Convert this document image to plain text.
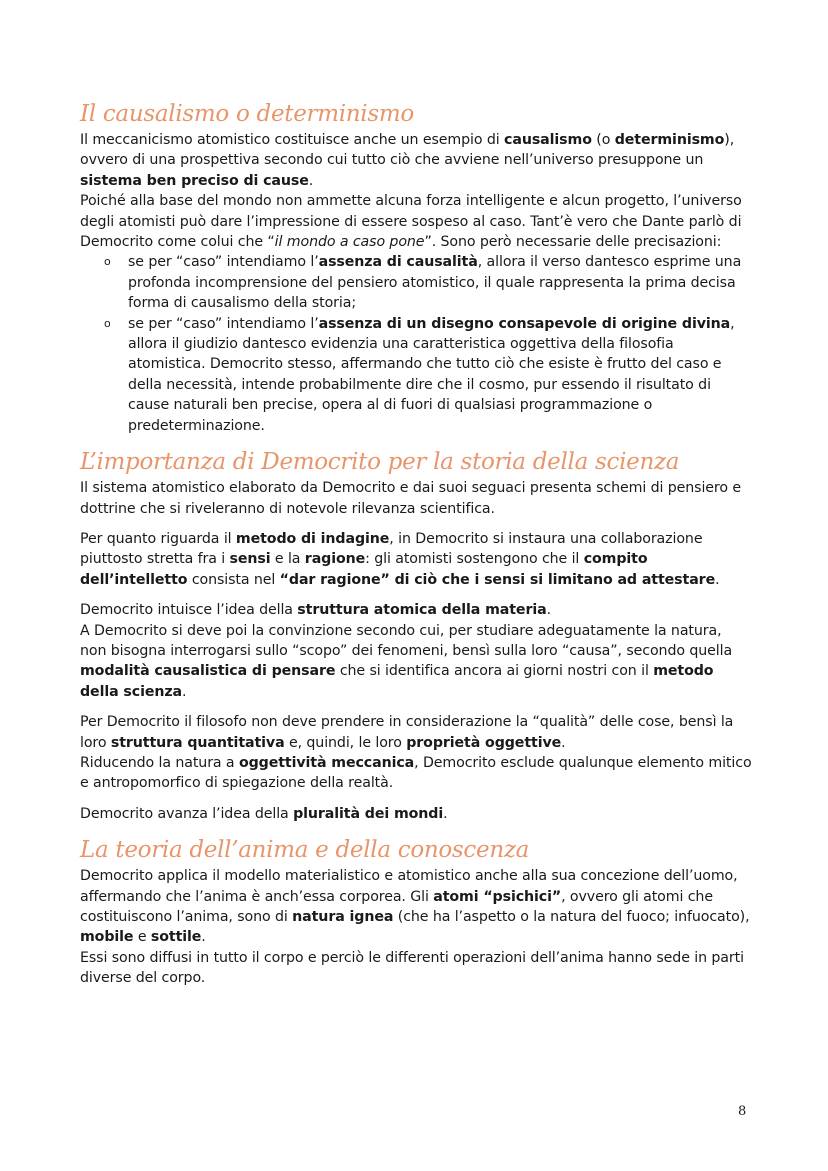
Il causalismo o determinismo

Il meccanicismo atomistico costituisce anche un esempio di causalismo (o determinismo), ovvero di una prospettiva secondo cui tutto ciò che avviene nell’universo presuppone un sistema ben preciso di cause.

Poiché alla base del mondo non ammette alcuna forza intelligente e alcun progetto, l’universo degli atomisti può dare l’impressione di essere sospeso al caso. Tant’è vero che Dante parlò di Democrito come colui che “il mondo a caso pone”. Sono però necessarie delle precisazioni:

o se per “caso” intendiamo l’assenza di causalità, allora il verso dantesco esprime una profonda incomprensione del pensiero atomistico, il quale rappresenta la prima decisa forma di causalismo della storia;
o se per “caso” intendiamo l’assenza di un disegno consapevole di origine divina, allora il giudizio dantesco evidenzia una caratteristica oggettiva della filosofia atomistica. Democrito stesso, affermando che tutto ciò che esiste è frutto del caso e della necessità, intende probabilmente dire che il cosmo, pur essendo il risultato di cause naturali ben precise, opera al di fuori di qualsiasi programmazione o predeterminazione.
L’importanza di Democrito per la storia della scienza

Il sistema atomistico elaborato da Democrito e dai suoi seguaci presenta schemi di pensiero e dottrine che si riveleranno di notevole rilevanza scientifica.

Per quanto riguarda il metodo di indagine, in Democrito si instaura una collaborazione piuttosto stretta fra i sensi e la ragione: gli atomisti sostengono che il compito dell’intelletto consista nel “dar ragione” di ciò che i sensi si limitano ad attestare.

Democrito intuisce l’idea della struttura atomica della materia.

A Democrito si deve poi la convinzione secondo cui, per studiare adeguatamente la natura, non bisogna interrogarsi sullo “scopo” dei fenomeni, bensì sulla loro “causa”, secondo quella modalità causalistica di pensare che si identifica ancora ai giorni nostri con il metodo della scienza.

Per Democrito il filosofo non deve prendere in considerazione la “qualità” delle cose, bensì la loro struttura quantitativa e, quindi, le loro proprietà oggettive.

Riducendo la natura a oggettività meccanica, Democrito esclude qualunque elemento mitico e antropomorfico di spiegazione della realtà.

Democrito avanza l’idea della pluralità dei mondi.

La teoria dell’anima e della conoscenza

Democrito applica il modello materialistico e atomistico anche alla sua concezione dell’uomo, affermando che l’anima è anch’essa corporea. Gli atomi “psichici”, ovvero gli atomi che costituiscono l’anima, sono di natura ignea (che ha l’aspetto o la natura del fuoco; infuocato), mobile e sottile.

Essi sono diffusi in tutto il corpo e perciò le differenti operazioni dell’anima hanno sede in parti diverse del corpo.

8
